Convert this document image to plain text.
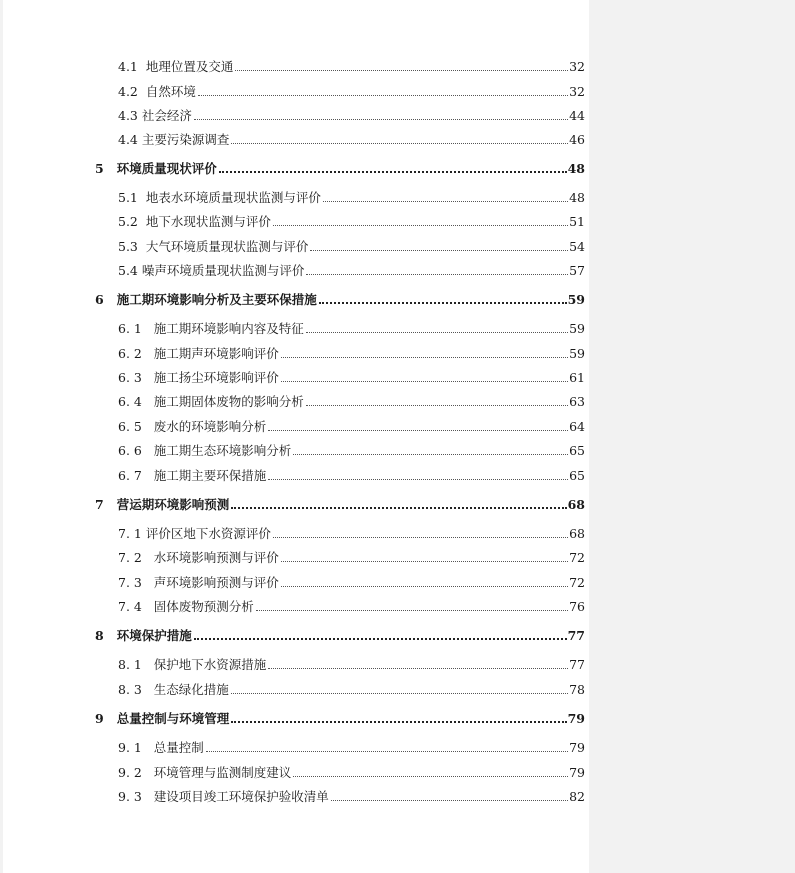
4.1 地理位置及交通	32
4.2 自然环境	32
4.3 社会经济	44
4.4 主要污染源调查	46
5 环境质量现状评价	48
5.1 地表水环境质量现状监测与评价	48
5.2 地下水现状监测与评价	51
5.3 大气环境质量现状监测与评价	54
5.4 噪声环境质量现状监测与评价	57
6 施工期环境影响分析及主要环保措施	59
6. 1 施工期环境影响内容及特征	59
6. 2 施工期声环境影响评价	59
6. 3 施工扬尘环境影响评价	61
6. 4 施工期固体废物的影响分析	63
6. 5 废水的环境影响分析	64
6. 6 施工期生态环境影响分析	65
6. 7 施工期主要环保措施	65
7 营运期环境影响预测	68
7. 1 评价区地下水资源评价	68
7. 2 水环境影响预测与评价	72
7. 3 声环境影响预测与评价	72
7. 4 固体废物预测分析	76
8 环境保护措施	77
8. 1 保护地下水资源措施	77
8. 3 生态绿化措施	78
9 总量控制与环境管理	79
9. 1 总量控制	79
9. 2 环境管理与监测制度建议	79
9. 3 建设项目竣工环境保护验收清单	82
